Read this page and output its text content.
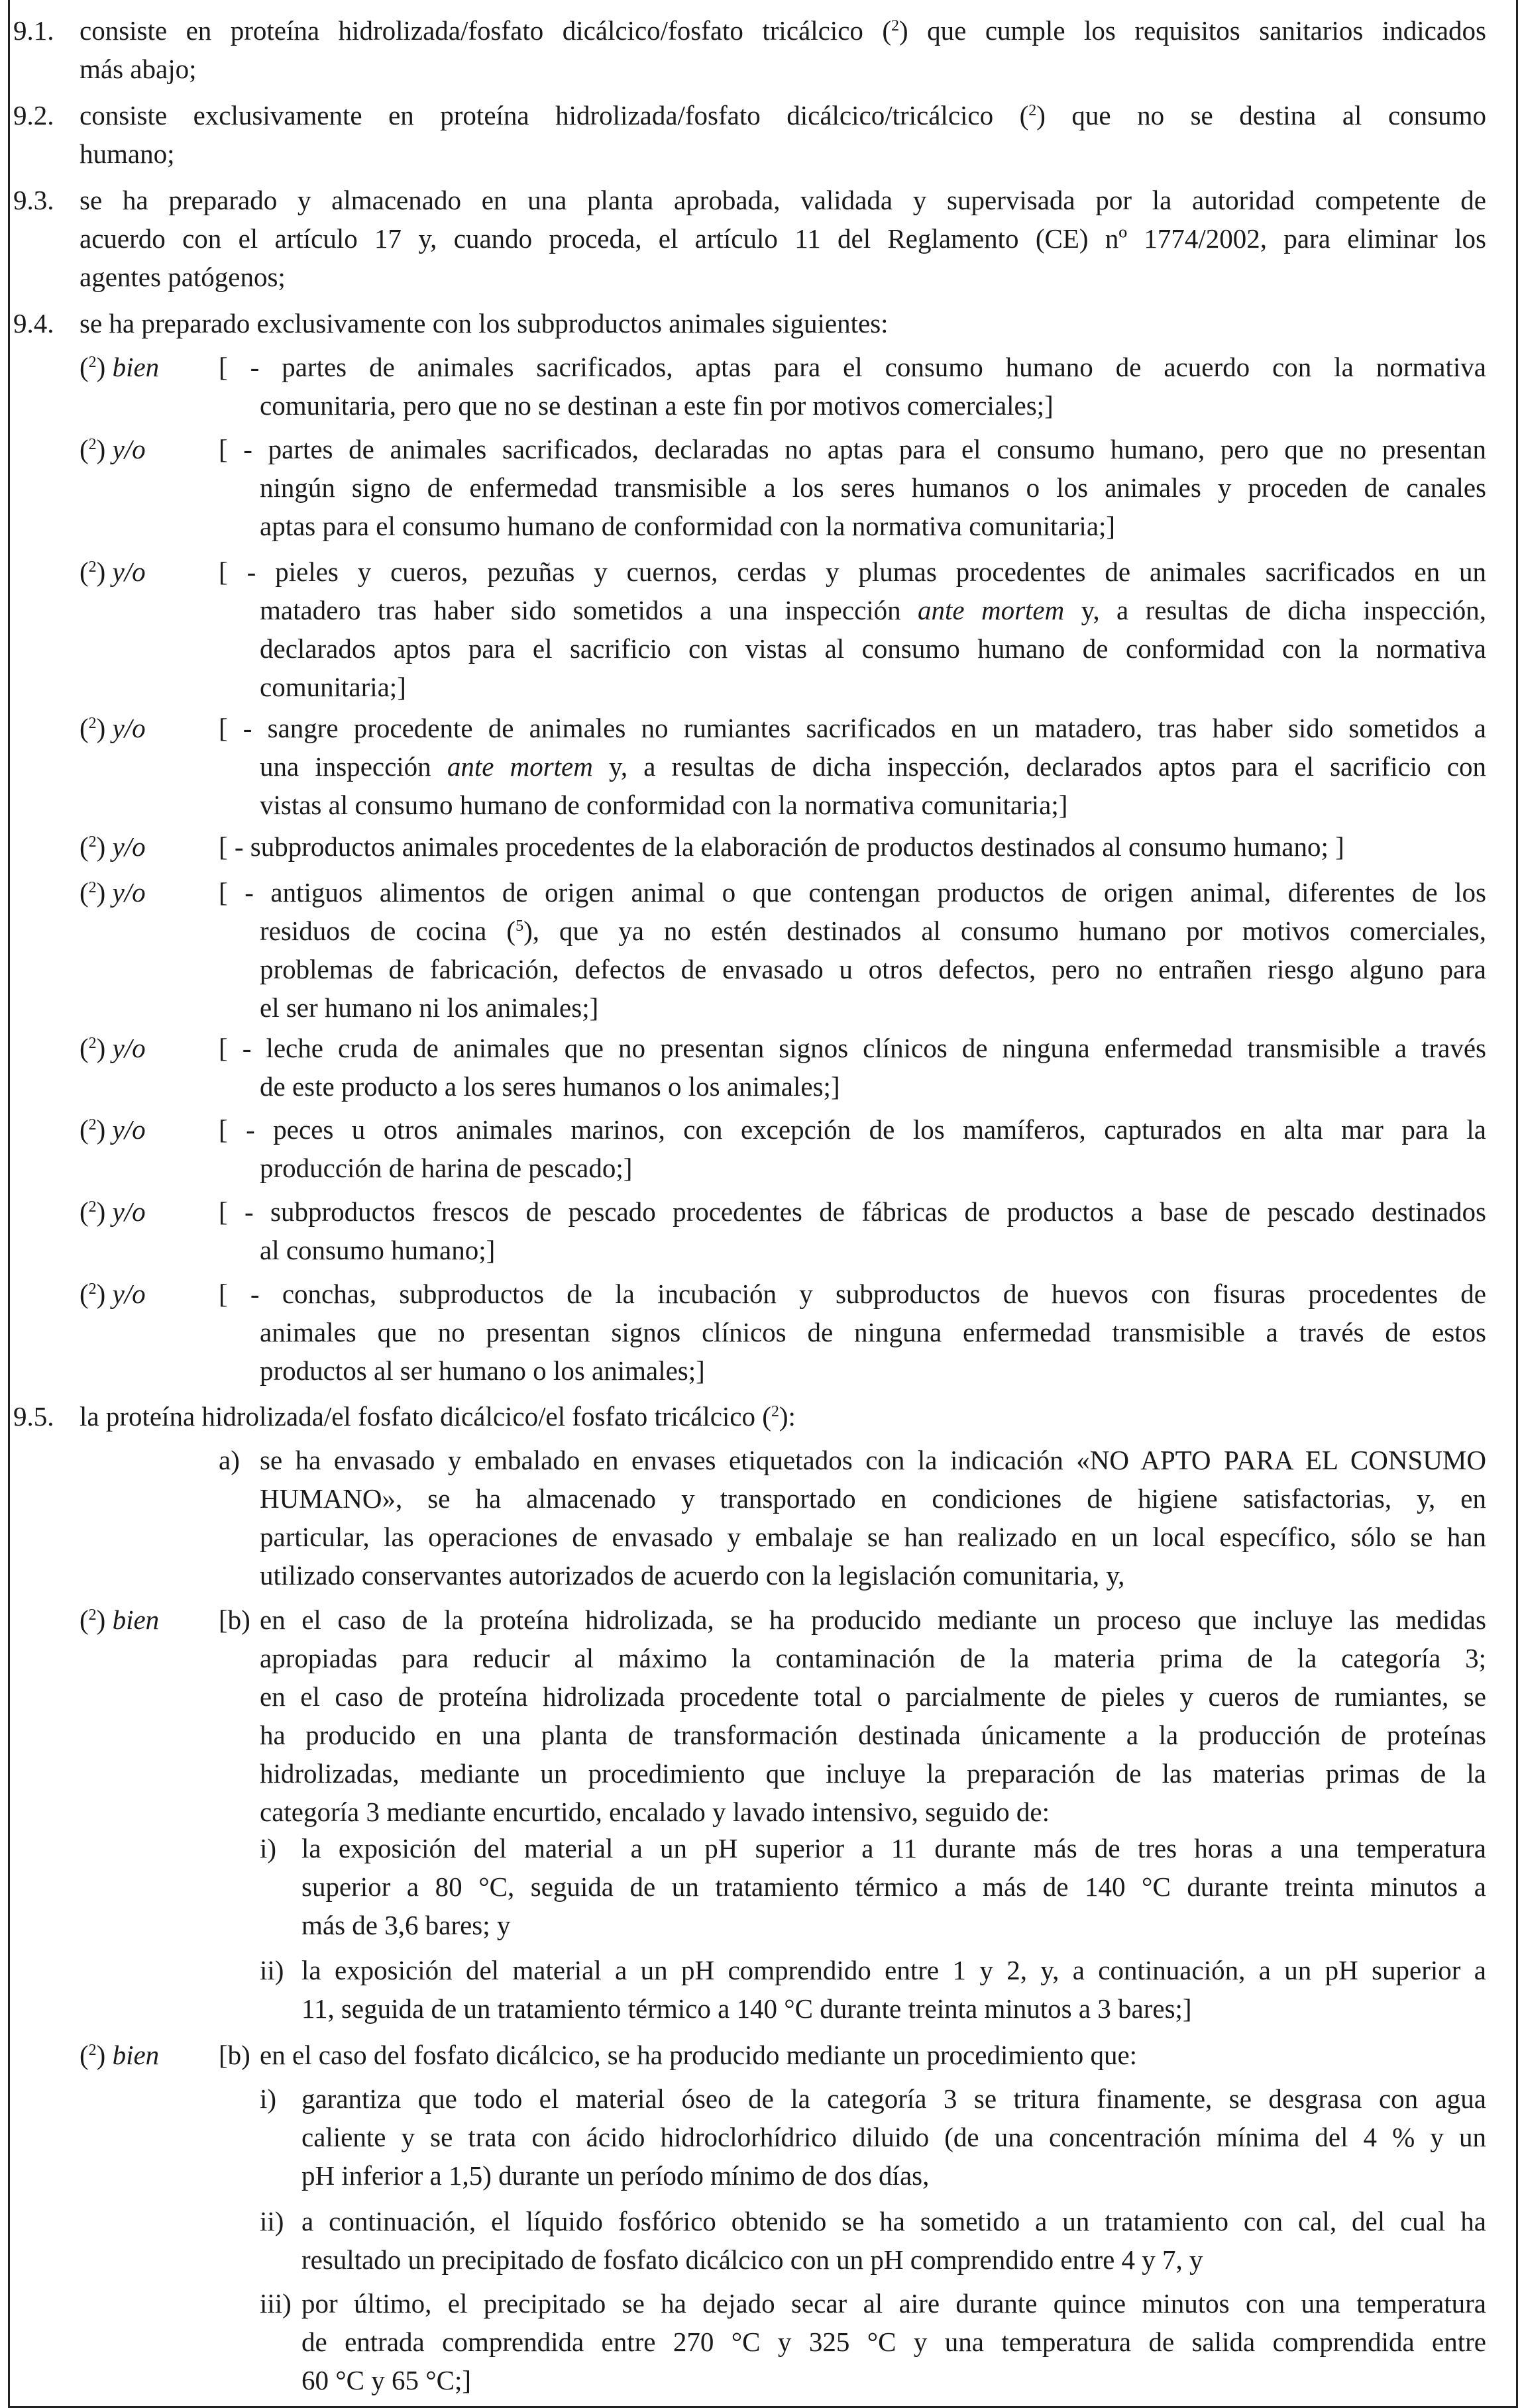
9.1. consiste en proteína hidrolizada/fosfato dicálcico/fosfato tricálcico ($^2$) que cumple los requisitos sanitarios indicados
más abajo;
9.2. consiste exclusivamente en proteína hidrolizada/fosfato dicálcico/tricálcico ($^2$) que no se destina al consumo
humano;
9.3. se ha preparado y almacenado en una planta aprobada, validada y supervisada por la autoridad competente de
acuerdo con el artículo 17 y, cuando proceda, el artículo 11 del Reglamento (CE) nº 1774/2002, para eliminar los
agentes patógenos;
9.4. se ha preparado exclusivamente con los subproductos animales siguientes:
($^2$) bien [ - partes de animales sacrificados, aptas para el consumo humano de acuerdo con la normativa
comunitaria, pero que no se destinan a este fin por motivos comerciales;]
($^2$) y/o	[ - partes de animales sacrificados, declaradas no aptas para el consumo humano, pero que no presentan
ningún signo de enfermedad transmisible a los seres humanos o los animales y proceden de canales
aptas para el consumo humano de conformidad con la normativa comunitaria;]
($^2$) y/o	[ - pieles y cueros, pezuñas y cuernos, cerdas y plumas procedentes de animales sacrificados en un
matadero tras haber sido sometidos a una inspección ante mortem y, a resultas de dicha inspección,
declarados aptos para el sacrificio con vistas al consumo humano de conformidad con la normativa
comunitaria;]
($^2$) y/o	[ - sangre procedente de animales no rumiantes sacrificados en un matadero, tras haber sido sometidos a
una inspección ante mortem y, a resultas de dicha inspección, declarados aptos para el sacrificio con
vistas al consumo humano de conformidad con la normativa comunitaria;]
($^2$) y/o	[ - subproductos animales procedentes de la elaboración de productos destinados al consumo humano; ]
($^2$) y/o	[ - antiguos alimentos de origen animal o que contengan productos de origen animal, diferentes de los
residuos de cocina ($^5$), que ya no estén destinados al consumo humano por motivos comerciales,
problemas de fabricación, defectos de envasado u otros defectos, pero no entrañen riesgo alguno para
el ser humano ni los animales;]
($^2$) y/o	[ - leche cruda de animales que no presentan signos clínicos de ninguna enfermedad transmisible a través
de este producto a los seres humanos o los animales;]
($^2$) y/o	[ - peces u otros animales marinos, con excepción de los mamíferos, capturados en alta mar para la
producción de harina de pescado;]
($^2$) y/o	[ - subproductos frescos de pescado procedentes de fábricas de productos a base de pescado destinados
al consumo humano;]
($^2$) y/o	[ - conchas, subproductos de la incubación y subproductos de huevos con fisuras procedentes de
animales que no presentan signos clínicos de ninguna enfermedad transmisible a través de estos
productos al ser humano o los animales;]
9.5. la proteína hidrolizada/el fosfato dicálcico/el fosfato tricálcico ($^2$):
a) se ha envasado y embalado en envases etiquetados con la indicación «NO APTO PARA EL CONSUMO
HUMANO», se ha almacenado y transportado en condiciones de higiene satisfactorias, y, en
particular, las operaciones de envasado y embalaje se han realizado en un local específico, sólo se han
utilizado conservantes autorizados de acuerdo con la legislación comunitaria, y,
($^2$) bien [b) en el caso de la proteína hidrolizada, se ha producido mediante un proceso que incluye las medidas
apropiadas para reducir al máximo la contaminación de la materia prima de la categoría 3;
en el caso de proteína hidrolizada procedente total o parcialmente de pieles y cueros de rumiantes, se
ha producido en una planta de transformación destinada únicamente a la producción de proteínas
hidrolizadas, mediante un procedimiento que incluye la preparación de las materias primas de la
categoría 3 mediante encurtido, encalado y lavado intensivo, seguido de:
i) la exposición del material a un pH superior a 11 durante más de tres horas a una temperatura
superior a 80 °C, seguida de un tratamiento térmico a más de 140 °C durante treinta minutos a
más de 3,6 bares; y
ii) la exposición del material a un pH comprendido entre 1 y 2, y, a continuación, a un pH superior a
11, seguida de un tratamiento térmico a 140 °C durante treinta minutos a 3 bares;]
($^2$) bien [b) en el caso del fosfato dicálcico, se ha producido mediante un procedimiento que:
i) garantiza que todo el material óseo de la categoría 3 se tritura finamente, se desgrasa con agua
caliente y se trata con ácido hidroclorhídrico diluido (de una concentración mínima del 4 % y un
pH inferior a 1,5) durante un período mínimo de dos días,
ii) a continuación, el líquido fosfórico obtenido se ha sometido a un tratamiento con cal, del cual ha
resultado un precipitado de fosfato dicálcico con un pH comprendido entre 4 y 7, y
iii) por último, el precipitado se ha dejado secar al aire durante quince minutos con una temperatura
de entrada comprendida entre 270 °C y 325 °C y una temperatura de salida comprendida entre
60 °C y 65 °C;]
